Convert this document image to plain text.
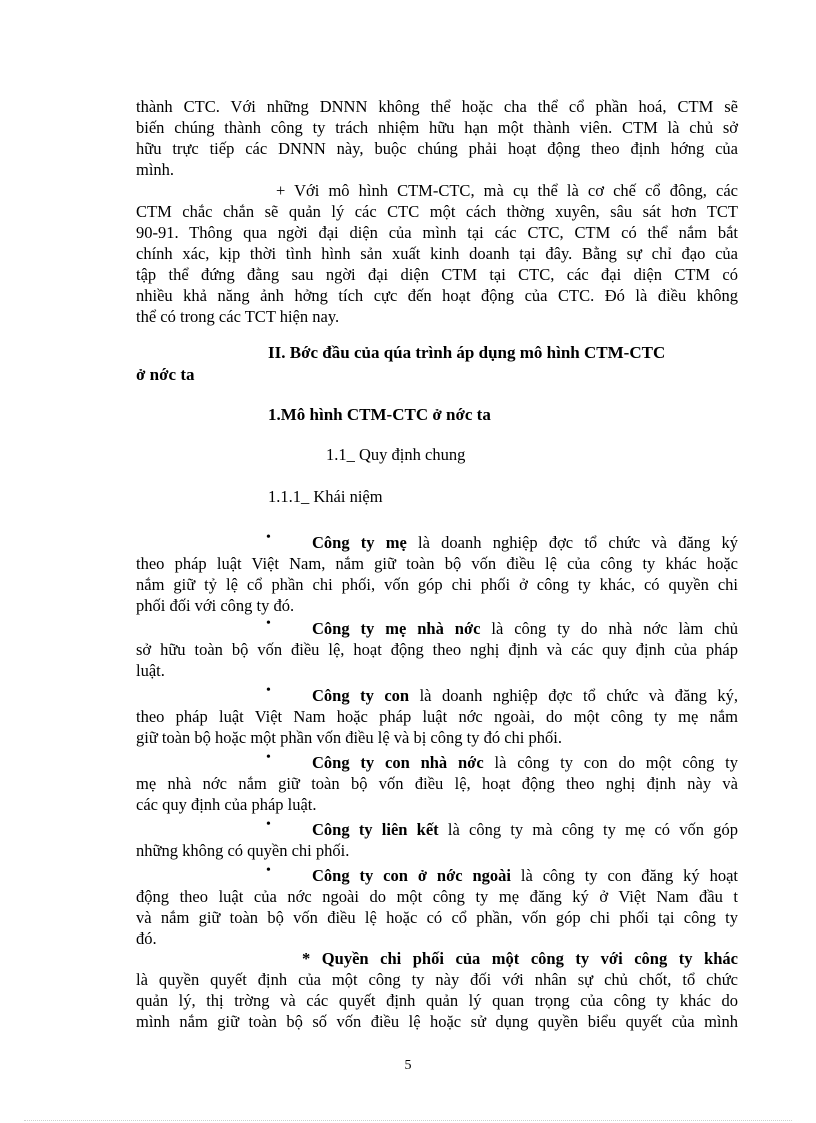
thành CTC. Với những DNNN không thể hoặc cha thể cổ phần hoá, CTM sẽ
biến chúng thành công ty trách nhiệm hữu hạn một thành viên. CTM là chủ sở
hữu trực tiếp các DNNN này, buộc chúng phải hoạt động theo định hớng của
mình.
+ Với mô hình CTM-CTC, mà cụ thể là cơ chế cổ đông, các
CTM chắc chắn sẽ quản lý các CTC một cách thờng xuyên, sâu sát hơn TCT
90-91. Thông qua ngời đại diện của mình tại các CTC, CTM có thể nắm bắt
chính xác, kịp thời tình hình sản xuất kinh doanh tại đây. Bằng sự chỉ đạo của
tập thể đứng đằng sau ngời đại diện CTM tại CTC, các đại diện CTM có
nhiều khả năng ảnh hởng tích cực đến hoạt động của CTC. Đó là điều không
thể có trong các TCT hiện nay.
II. Bớc đầu của qúa trình áp dụng mô hình CTM-CTC
ở nớc ta
1.Mô hình CTM-CTC ở nớc ta
1.1_ Quy định chung
1.1.1_ Khái niệm
•	Công ty mẹ là doanh nghiệp đợc tổ chức và đăng ký
theo pháp luật Việt Nam, nắm giữ toàn bộ vốn điều lệ của công ty khác hoặc
nắm giữ tỷ lệ cổ phần chi phối, vốn góp chi phối ở công ty khác, có quyền chi
phối đối với công ty đó.
•	Công ty mẹ nhà nớc là công ty do nhà nớc làm chủ
sở hữu toàn bộ vốn điều lệ, hoạt động theo nghị định và các quy định của pháp
luật.
•	Công ty con là doanh nghiệp đợc tổ chức và đăng ký,
theo pháp luật Việt Nam hoặc pháp luật nớc ngoài, do một công ty mẹ nắm
giữ toàn bộ hoặc một phần vốn điều lệ và bị công ty đó chi phối.
•	Công ty con nhà nớc là công ty con do một công ty
mẹ nhà nớc nắm giữ toàn bộ vốn điều lệ, hoạt động theo nghị định này và
các quy định của pháp luật.
•	Công ty liên kết là công ty mà công ty mẹ có vốn góp
những không có quyền chi phối.
•	Công ty con ở nớc ngoài là công ty con đăng ký hoạt
động theo luật của nớc ngoài do một công ty mẹ đăng ký ở Việt Nam đầu t
và nắm giữ toàn bộ vốn điều lệ hoặc có cổ phần, vốn góp chi phối tại công ty
đó.
* Quyền chi phối của một công ty với công ty khác
là quyền quyết định của một công ty này đối với nhân sự chủ chốt, tổ chức
quản lý, thị trờng và các quyết định quản lý quan trọng của công ty khác do
mình nắm giữ toàn bộ số vốn điều lệ hoặc sử dụng quyền biểu quyết của mình
5
